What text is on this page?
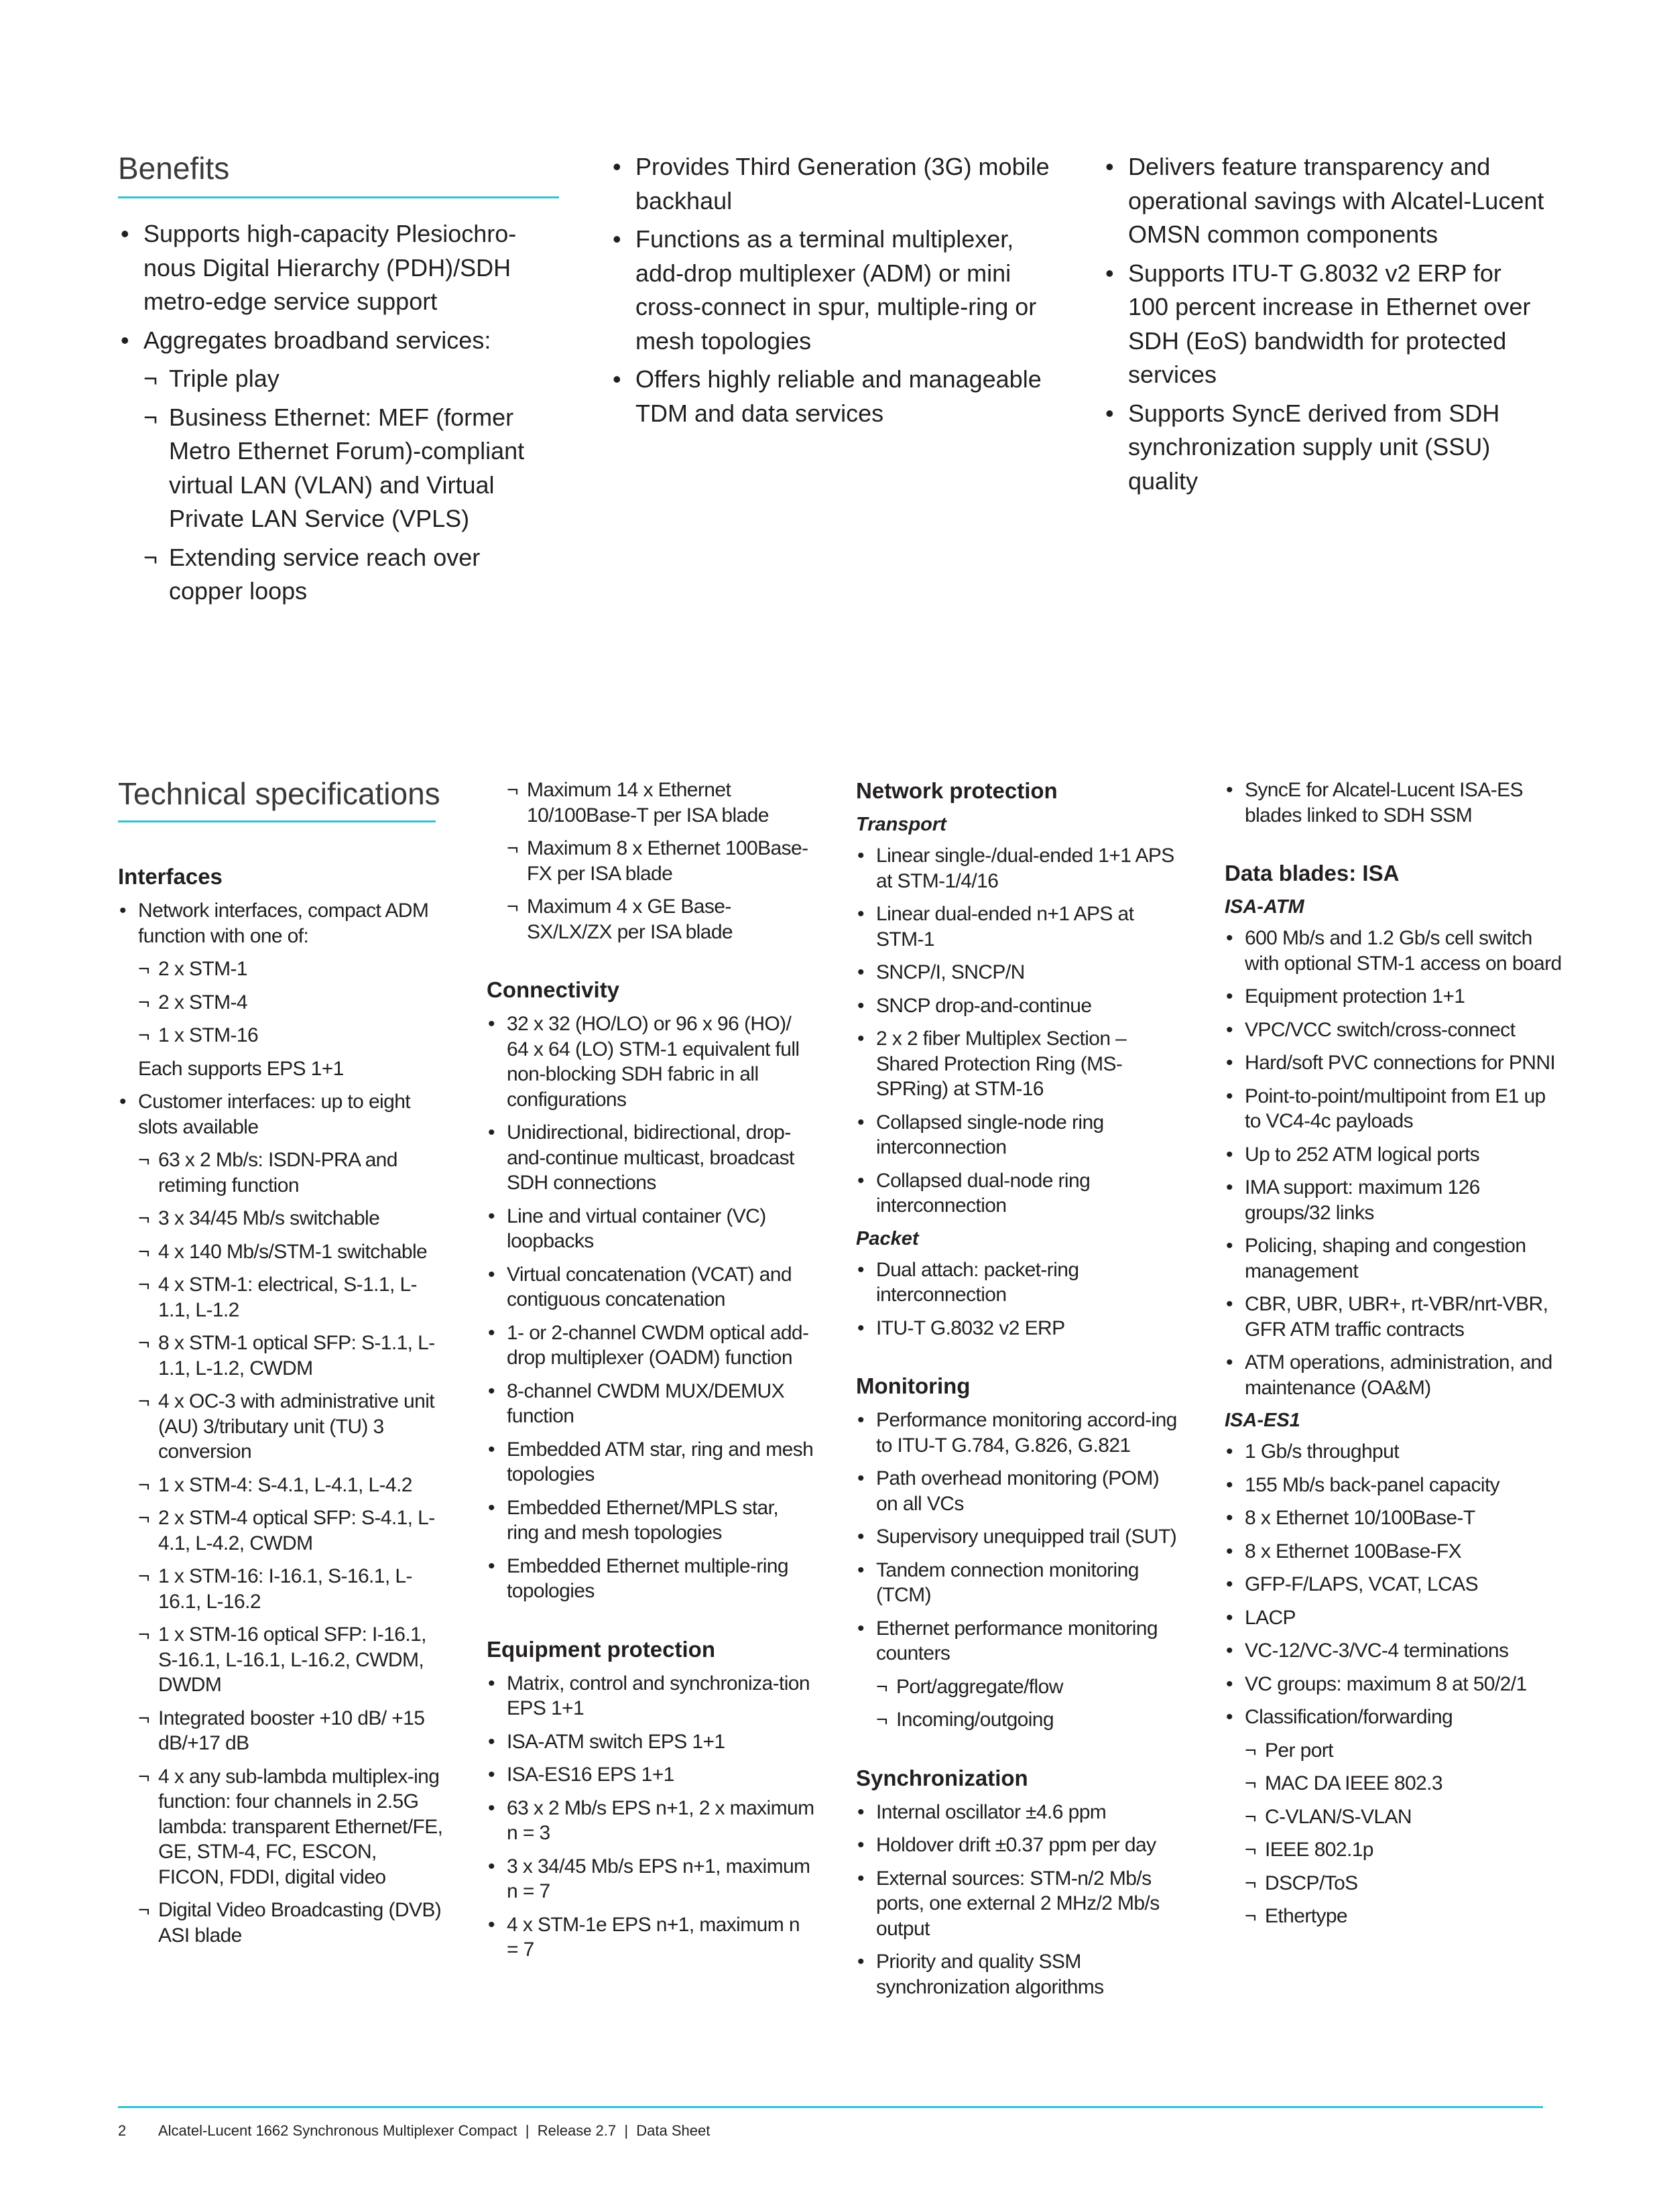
Benefits
• Supports high-capacity Plesiochro-nous Digital Hierarchy (PDH)/SDH metro-edge service support
• Aggregates broadband services:
¬ Triple play
¬ Business Ethernet: MEF (former Metro Ethernet Forum)-compliant virtual LAN (VLAN) and Virtual Private LAN Service (VPLS)
¬ Extending service reach over copper loops
• Provides Third Generation (3G) mobile backhaul
• Functions as a terminal multiplexer, add-drop multiplexer (ADM) or mini cross-connect in spur, multiple-ring or mesh topologies
• Offers highly reliable and manageable TDM and data services
• Delivers feature transparency and operational savings with Alcatel-Lucent OMSN common components
• Supports ITU-T G.8032 v2 ERP for 100 percent increase in Ethernet over SDH (EoS) bandwidth for protected services
• Supports SyncE derived from SDH synchronization supply unit (SSU) quality
Technical specifications
Interfaces
• Network interfaces, compact ADM function with one of:
¬ 2 x STM-1
¬ 2 x STM-4
¬ 1 x STM-16
Each supports EPS 1+1
• Customer interfaces: up to eight slots available
¬ 63 x 2 Mb/s: ISDN-PRA and retiming function
¬ 3 x 34/45 Mb/s switchable
¬ 4 x 140 Mb/s/STM-1 switchable
¬ 4 x STM-1: electrical, S-1.1, L-1.1, L-1.2
¬ 8 x STM-1 optical SFP: S-1.1, L-1.1, L-1.2, CWDM
¬ 4 x OC-3 with administrative unit (AU) 3/tributary unit (TU) 3 conversion
¬ 1 x STM-4: S-4.1, L-4.1, L-4.2
¬ 2 x STM-4 optical SFP: S-4.1, L-4.1, L-4.2, CWDM
¬ 1 x STM-16: I-16.1, S-16.1, L-16.1, L-16.2
¬ 1 x STM-16 optical SFP: I-16.1, S-16.1, L-16.1, L-16.2, CWDM, DWDM
¬ Integrated booster +10 dB/ +15 dB/+17 dB
¬ 4 x any sub-lambda multiplex-ing function: four channels in 2.5G lambda: transparent Ethernet/FE, GE, STM-4, FC, ESCON, FICON, FDDI, digital video
¬ Digital Video Broadcasting (DVB) ASI blade
¬ Maximum 14 x Ethernet 10/100Base-T per ISA blade
¬ Maximum 8 x Ethernet 100Base-FX per ISA blade
¬ Maximum 4 x GE Base-SX/LX/ZX per ISA blade
Connectivity
• 32 x 32 (HO/LO) or 96 x 96 (HO)/ 64 x 64 (LO) STM-1 equivalent full non-blocking SDH fabric in all configurations
• Unidirectional, bidirectional, drop-and-continue multicast, broadcast SDH connections
• Line and virtual container (VC) loopbacks
• Virtual concatenation (VCAT) and contiguous concatenation
• 1- or 2-channel CWDM optical add-drop multiplexer (OADM) function
• 8-channel CWDM MUX/DEMUX function
• Embedded ATM star, ring and mesh topologies
• Embedded Ethernet/MPLS star, ring and mesh topologies
• Embedded Ethernet multiple-ring topologies
Equipment protection
• Matrix, control and synchroniza-tion EPS 1+1
• ISA-ATM switch EPS 1+1
• ISA-ES16 EPS 1+1
• 63 x 2 Mb/s EPS n+1, 2 x maximum n = 3
• 3 x 34/45 Mb/s EPS n+1, maximum n = 7
• 4 x STM-1e EPS n+1, maximum n = 7
Network protection
Transport
• Linear single-/dual-ended 1+1 APS at STM-1/4/16
• Linear dual-ended n+1 APS at STM-1
• SNCP/I, SNCP/N
• SNCP drop-and-continue
• 2 x 2 fiber Multiplex Section – Shared Protection Ring (MS-SPRing) at STM-16
• Collapsed single-node ring interconnection
• Collapsed dual-node ring interconnection
Packet
• Dual attach: packet-ring interconnection
• ITU-T G.8032 v2 ERP
Monitoring
• Performance monitoring accord-ing to ITU-T G.784, G.826, G.821
• Path overhead monitoring (POM) on all VCs
• Supervisory unequipped trail (SUT)
• Tandem connection monitoring (TCM)
• Ethernet performance monitoring counters
¬ Port/aggregate/flow
¬ Incoming/outgoing
Synchronization
• Internal oscillator ±4.6 ppm
• Holdover drift ±0.37 ppm per day
• External sources: STM-n/2 Mb/s ports, one external 2 MHz/2 Mb/s output
• Priority and quality SSM synchronization algorithms
• SyncE for Alcatel-Lucent ISA-ES blades linked to SDH SSM
Data blades: ISA
ISA-ATM
• 600 Mb/s and 1.2 Gb/s cell switch with optional STM-1 access on board
• Equipment protection 1+1
• VPC/VCC switch/cross-connect
• Hard/soft PVC connections for PNNI
• Point-to-point/multipoint from E1 up to VC4-4c payloads
• Up to 252 ATM logical ports
• IMA support: maximum 126 groups/32 links
• Policing, shaping and congestion management
• CBR, UBR, UBR+, rt-VBR/nrt-VBR, GFR ATM traffic contracts
• ATM operations, administration, and maintenance (OA&M)
ISA-ES1
• 1 Gb/s throughput
• 155 Mb/s back-panel capacity
• 8 x Ethernet 10/100Base-T
• 8 x Ethernet 100Base-FX
• GFP-F/LAPS, VCAT, LCAS
• LACP
• VC-12/VC-3/VC-4 terminations
• VC groups: maximum 8 at 50/2/1
• Classification/forwarding
¬ Per port
¬ MAC DA IEEE 802.3
¬ C-VLAN/S-VLAN
¬ IEEE 802.1p
¬ DSCP/ToS
¬ Ethertype
2 Alcatel-Lucent 1662 Synchronous Multiplexer Compact  |  Release 2.7  |  Data Sheet
